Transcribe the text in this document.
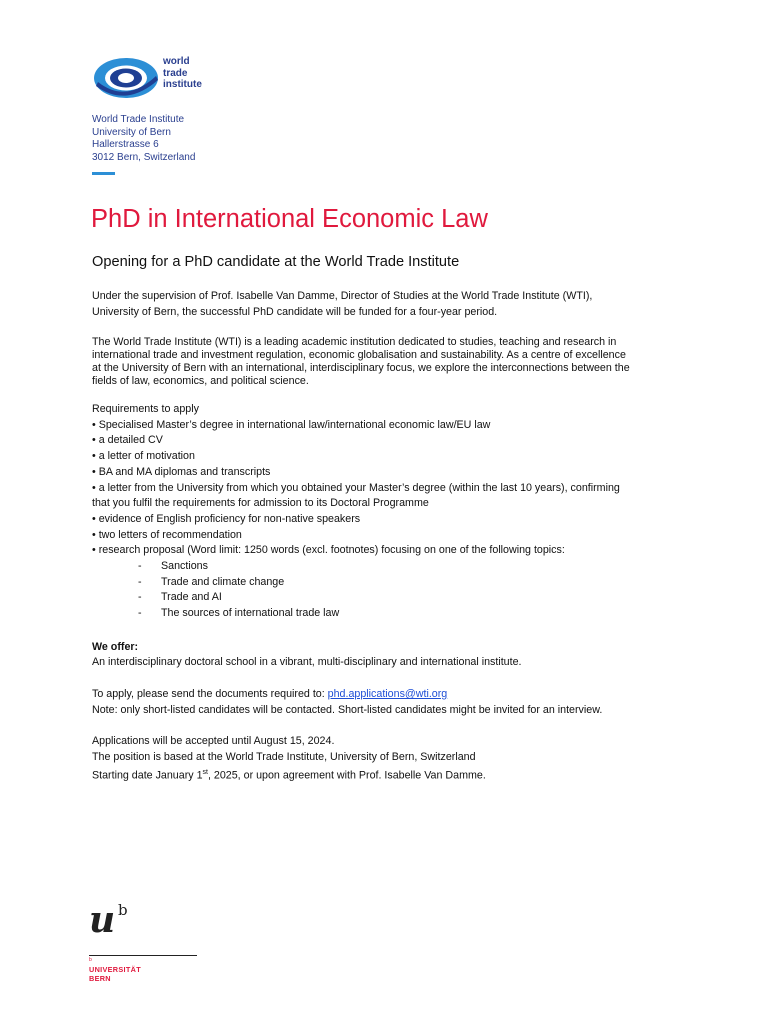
world
trade
institute
World Trade Institute
University of Bern
Hallerstrasse 6
3012 Bern, Switzerland
PhD in International Economic Law
Opening for a PhD candidate at the World Trade Institute
Under the supervision of Prof. Isabelle Van Damme, Director of Studies at the World Trade Institute (WTI),
University of Bern, the successful PhD candidate will be funded for a four-year period.
The World Trade Institute (WTI) is a leading academic institution dedicated to studies, teaching and research in
international trade and investment regulation, economic globalisation and sustainability. As a centre of excellence
at the University of Bern with an international, interdisciplinary focus, we explore the interconnections between the
fields of law, economics, and political science.
Requirements to apply
• Specialised Master’s degree in international law/international economic law/EU law
• a detailed CV
• a letter of motivation
• BA and MA diplomas and transcripts
• a letter from the University from which you obtained your Master’s degree (within the last 10 years), confirming
that you fulfil the requirements for admission to its Doctoral Programme
• evidence of English proficiency for non-native speakers
• two letters of recommendation
• research proposal (Word limit: 1250 words (excl. footnotes) focusing on one of the following topics:
- Sanctions
- Trade and climate change
- Trade and AI
- The sources of international trade law
We offer:
An interdisciplinary doctoral school in a vibrant, multi-disciplinary and international institute.
To apply, please send the documents required to: phd.applications@wti.org
Note: only short-listed candidates will be contacted. Short-listed candidates might be invited for an interview.
Applications will be accepted until August 15, 2024.
The position is based at the World Trade Institute, University of Bern, Switzerland
Starting date January 1st, 2025, or upon agreement with Prof. Isabelle Van Damme.
u b
b
UNIVERSITÄT
BERN
